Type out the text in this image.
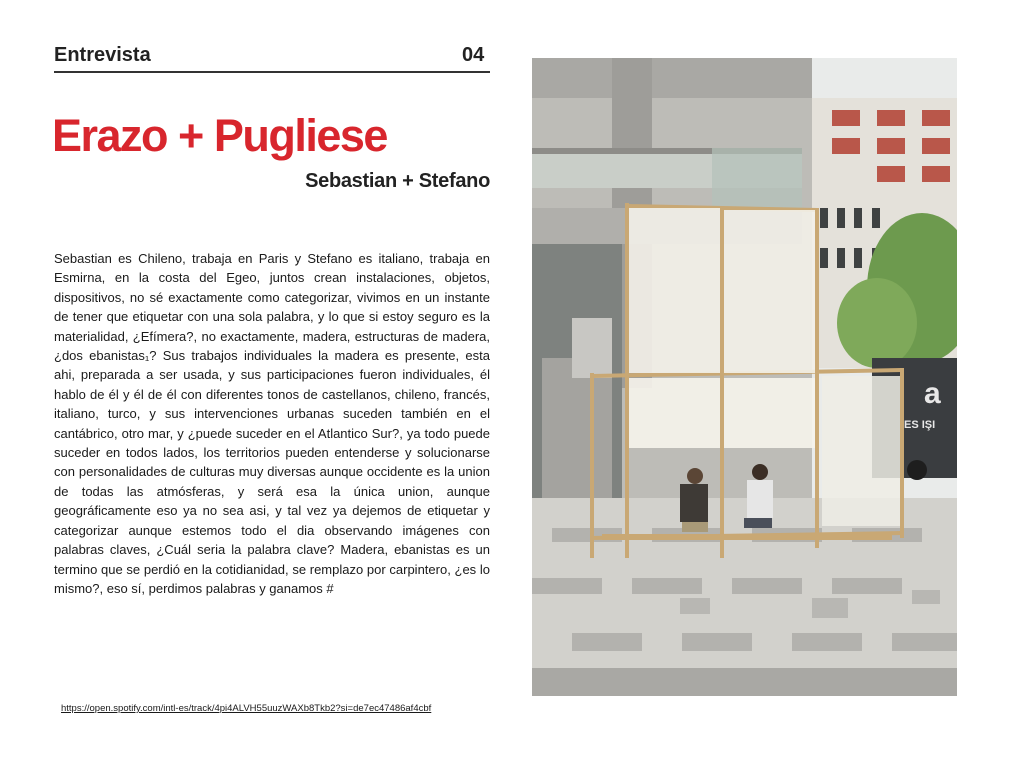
Entrevista	04
Erazo + Pugliese
Sebastian + Stefano
Sebastian es Chileno, trabaja en Paris y Stefano es italiano, trabaja en Esmirna, en la costa del Egeo, juntos crean instalaciones, objetos, dispositivos, no sé exactamente como categorizar, vivimos en un instante de tener que etiquetar con una sola palabra, y lo que si estoy seguro es la materialidad, ¿Efímera?, no exactamente, madera, estructuras de madera, ¿dos ebanistas₁? Sus trabajos individuales la madera es presente, esta ahi, preparada a ser usada, y sus participaciones fueron individuales, él hablo de él y él de él con diferentes tonos de castellanos, chileno, francés, italiano, turco, y sus intervenciones urbanas suceden también en el cantábrico, otro mar, y ¿puede suceder en el Atlantico Sur?, ya todo puede suceder en todos lados, los territorios pueden entenderse y solucionarse con personalidades de culturas muy diversas aunque occidente es la union de todas las atmósferas, y será esa la única union, aunque geográficamente eso ya no sea asi, y tal vez ya dejemos de etiquetar y categorizar aunque estemos todo el dia observando imágenes con palabras claves, ¿Cuál seria la palabra clave? Madera, ebanistas es un termino que se perdió en la cotidianidad, se remplazo por carpintero, ¿es lo mismo?, eso sí, perdimos palabras y ganamos #
https://open.spotify.com/intl-es/track/4pi4ALVH55uuzWAXb8Tkb2?si=de7ec47486af4cbf
a
ES IŞI
